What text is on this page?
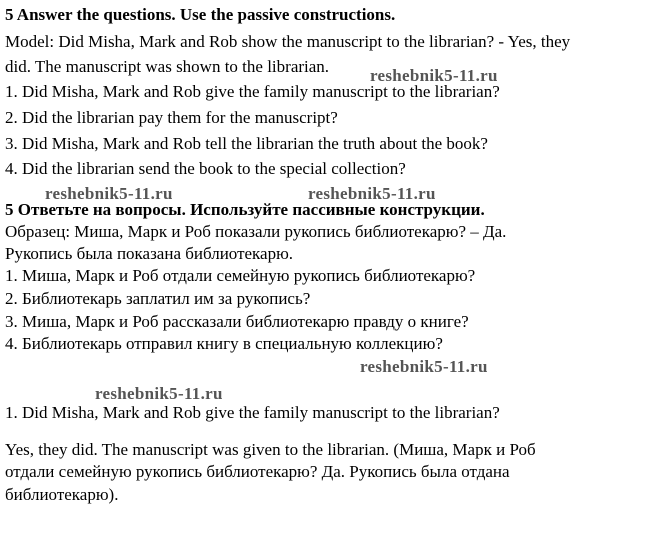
5 Answer the questions. Use the passive constructions.
Model: Did Misha, Mark and Rob show the manuscript to the librarian? - Yes, they
did. The manuscript was shown to the librarian.
1. Did Misha, Mark and Rob give the family manuscript to the librarian?
2. Did the librarian pay them for the manuscript?
3. Did Misha, Mark and Rob tell the librarian the truth about the book?
4. Did the librarian send the book to the special collection?
5 Ответьте на вопросы. Используйте пассивные конструкции.
Образец: Миша, Марк и Роб показали рукопись библиотекарю? – Да.
Рукопись была показана библиотекарю.
1. Миша, Марк и Роб отдали семейную рукопись библиотекарю?
2. Библиотекарь заплатил им за рукопись?
3. Миша, Марк и Роб рассказали библиотекарю правду о книге?
4. Библиотекарь отправил книгу в специальную коллекцию?
1. Did Misha, Mark and Rob give the family manuscript to the librarian?
Yes, they did. The manuscript was given to the librarian. (Миша, Марк и Роб
отдали семейную рукопись библиотекарю? Да. Рукопись была отдана
библиотекарю).
reshebnik5-11.ru
reshebnik5-11.ru	reshebnik5-11.ru
reshebnik5-11.ru
reshebnik5-11.ru
